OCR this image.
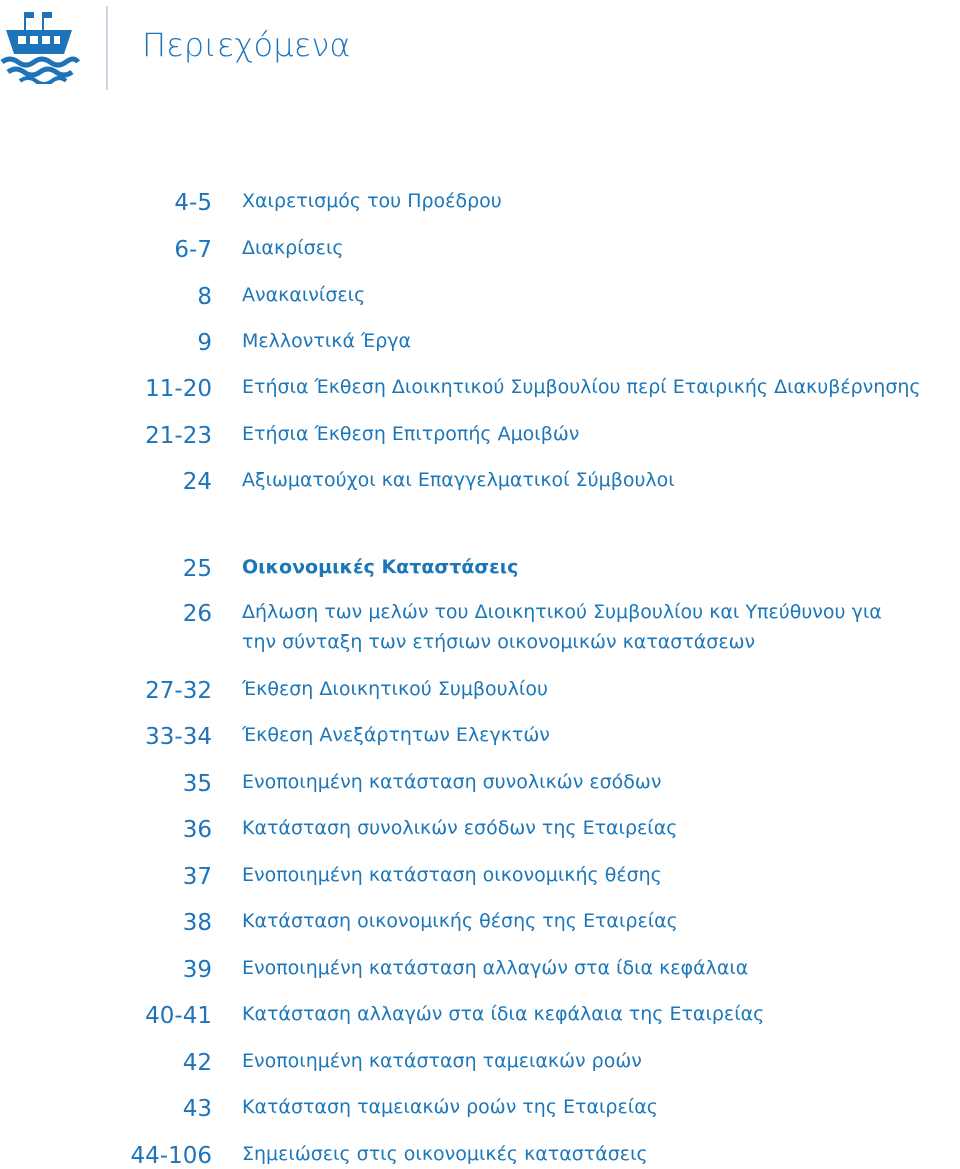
Περιεχόμενα
4-5 Χαιρετισμός του Προέδρου
6-7 Διακρίσεις
8 Ανακαινίσεις
9 Μελλοντικά Έργα
11-20 Ετήσια Έκθεση Διοικητικού Συμβουλίου περί Εταιρικής Διακυβέρνησης
21-23 Ετήσια Έκθεση Επιτροπής Αμοιβών
24 Αξιωματούχοι και Επαγγελματικοί Σύμβουλοι
25 Οικονομικές Καταστάσεις
26 Δήλωση των μελών του Διοικητικού Συμβουλίου και Υπεύθυνου για την σύνταξη των ετήσιων οικονομικών καταστάσεων
27-32 Έκθεση Διοικητικού Συμβουλίου
33-34 Έκθεση Ανεξάρτητων Ελεγκτών
35 Ενοποιημένη κατάσταση συνολικών εσόδων
36 Κατάσταση συνολικών εσόδων της Εταιρείας
37 Ενοποιημένη κατάσταση οικονομικής θέσης
38 Κατάσταση οικονομικής θέσης της Εταιρείας
39 Ενοποιημένη κατάσταση αλλαγών στα ίδια κεφάλαια
40-41 Κατάσταση αλλαγών στα ίδια κεφάλαια της Εταιρείας
42 Ενοποιημένη κατάσταση ταμειακών ροών
43 Κατάσταση ταμειακών ροών της Εταιρείας
44-106 Σημειώσεις στις οικονομικές καταστάσεις
